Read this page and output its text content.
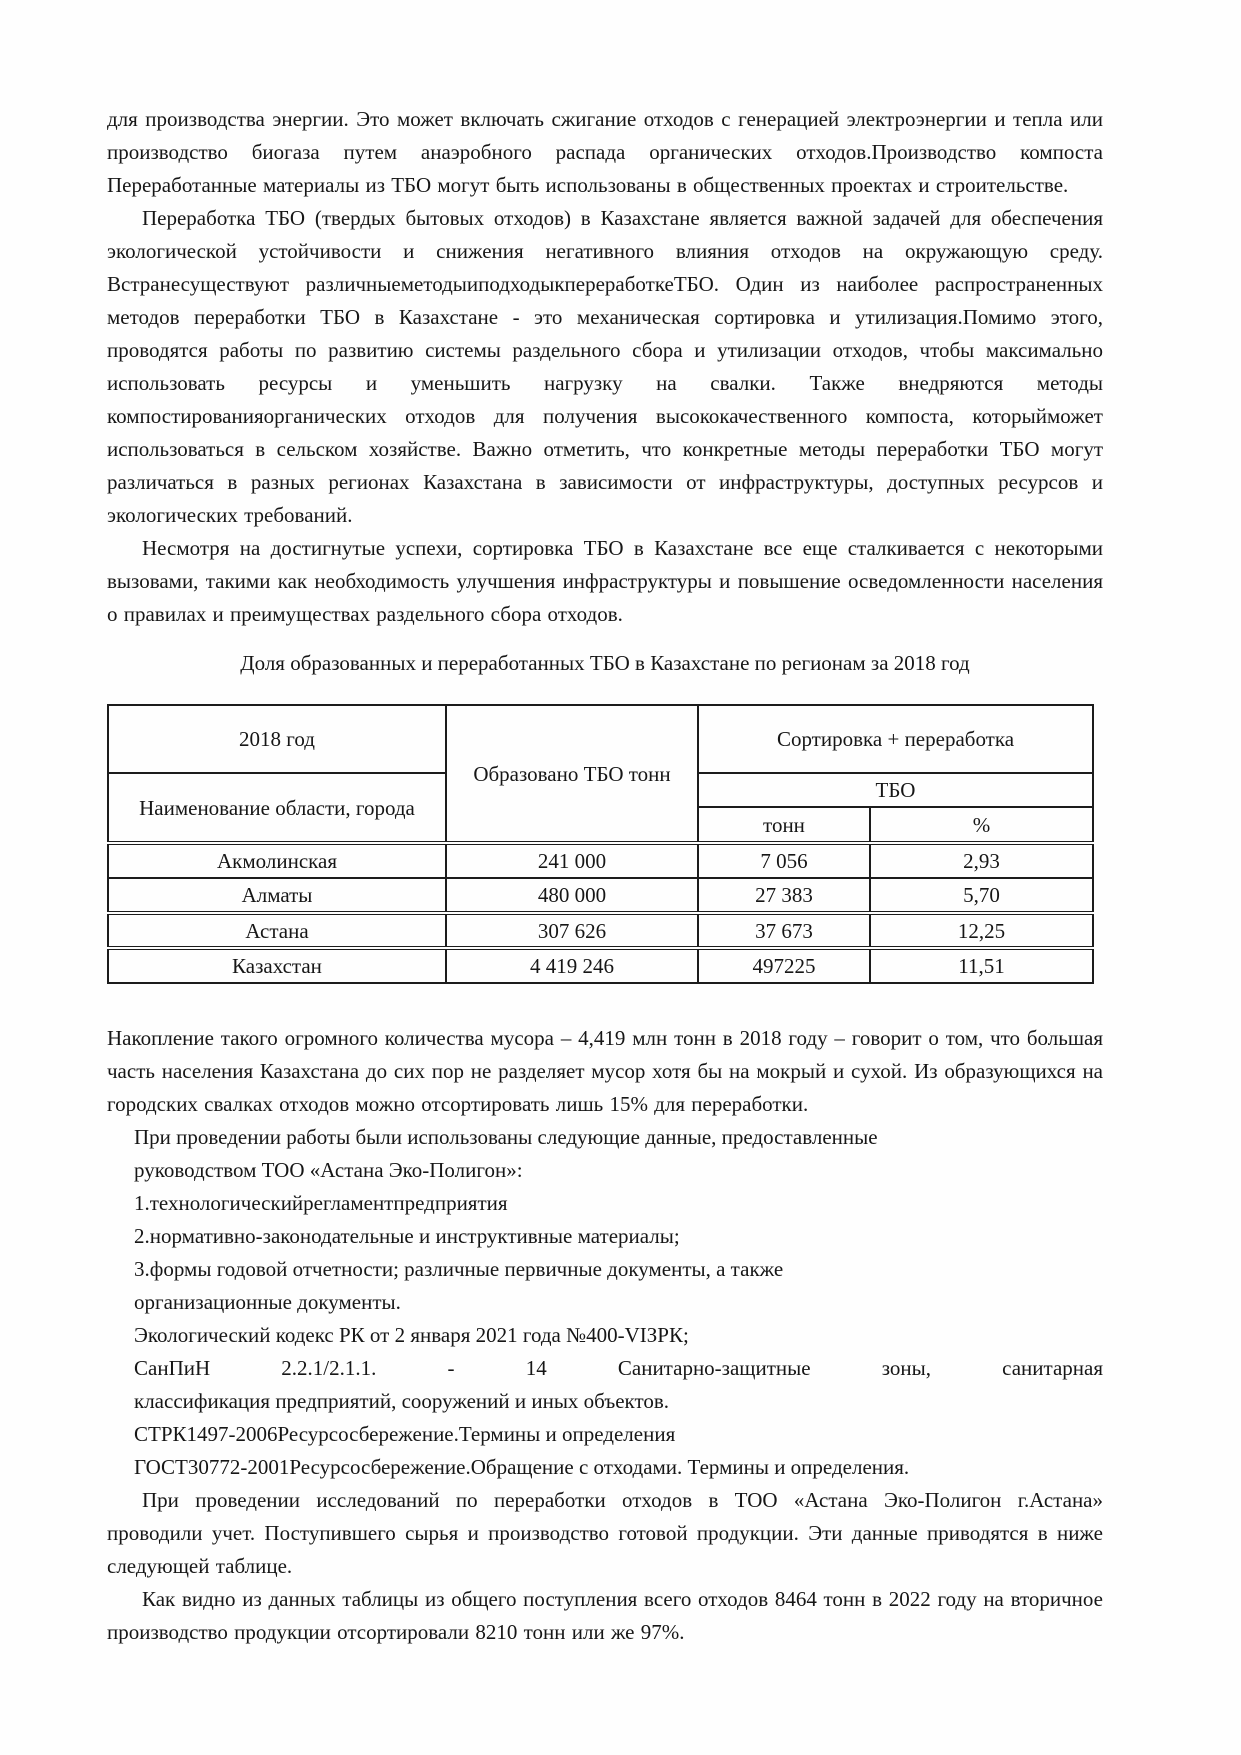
для производства энергии. Это может включать сжигание отходов с генерацией электроэнергии и тепла или производство биогаза путем анаэробного распада органических отходов.Производство компоста Переработанные материалы из ТБО могут быть использованы в общественных проектах и строительстве.

Переработка ТБО (твердых бытовых отходов) в Казахстане является важной задачей для обеспечения экологической устойчивости и снижения негативного влияния отходов на окружающую среду. Встранесуществуют различныеметодыиподходыкпереработкеТБО. Один из наиболее распространенных методов переработки ТБО в Казахстане - это механическая сортировка и утилизация.Помимо этого, проводятся работы по развитию системы раздельного сбора и утилизации отходов, чтобы максимально использовать ресурсы и уменьшить нагрузку на свалки. Также внедряются методы компостированияорганических отходов для получения высококачественного компоста, которыйможет использоваться в сельском хозяйстве. Важно отметить, что конкретные методы переработки ТБО могут различаться в разных регионах Казахстана в зависимости от инфраструктуры, доступных ресурсов и экологических требований.

Несмотря на достигнутые успехи, сортировка ТБО в Казахстане все еще сталкивается с некоторыми вызовами, такими как необходимость улучшения инфраструктуры и повышение осведомленности населения о правилах и преимуществах раздельного сбора отходов.

Доля образованных и переработанных ТБО в Казахстане по регионам за 2018 год
2018 год	Образовано ТБО тонн	Сортировка + переработка	
Наименование области, города		ТБО	
		тонн	%
Акмолинская	241 000	7 056	2,93
Алматы	480 000	27 383	5,70
Астана	307 626	37 673	12,25
Казахстан	4 419 246	497225	11,51

Накопление такого огромного количества мусора – 4,419 млн тонн в 2018 году – говорит о том, что большая часть населения Казахстана до сих пор не разделяет мусор хотя бы на мокрый и сухой. Из образующихся на городских свалках отходов можно отсортировать лишь 15% для переработки.

При проведении работы были использованы следующие данные, предоставленные
руководством ТОО «Астана Эко-Полигон»:
1.технологическийрегламентпредприятия
2.нормативно-законодательные и инструктивные материалы;
3.формы годовой отчетности; различные первичные документы, а также
организационные документы.
Экологический кодекс РК от 2 января 2021 года №400-VIЗРК;
СанПиН 2.2.1/2.1.1. - 14 Санитарно-защитные зоны, санитарная
классификация предприятий, сооружений и иных объектов.
СТРК1497-2006Ресурсосбережение.Термины и определения
ГОСТ30772-2001Ресурсосбережение.Обращение с отходами. Термины и определения.

При проведении исследований по переработки отходов в ТОО «Астана Эко-Полигон г.Астана» проводили учет. Поступившего сырья и производство готовой продукции. Эти данные приводятся в ниже следующей таблице.

Как видно из данных таблицы из общего поступления всего отходов 8464 тонн в 2022 году на вторичное производство продукции отсортировали 8210 тонн или же 97%.
